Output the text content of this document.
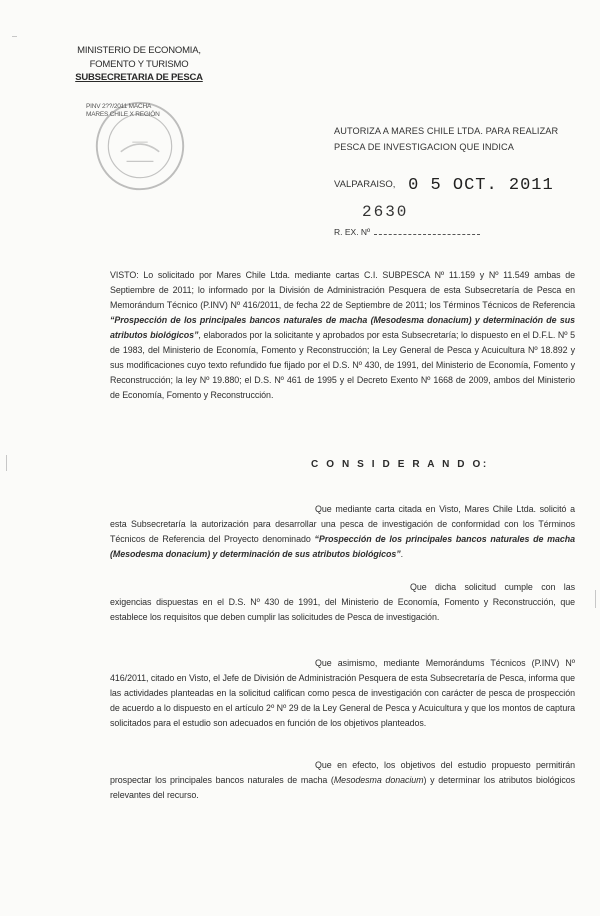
MINISTERIO DE ECONOMIA,
FOMENTO Y TURISMO
SUBSECRETARIA DE PESCA
PINV 2??/2011 MACHA
MARES CHILE X REGIÓN
AUTORIZA A MARES CHILE LTDA. PARA REALIZAR PESCA DE INVESTIGACION QUE INDICA
VALPARAISO, 0 5 OCT. 2011
2630
R. EX. Nº
VISTO: Lo solicitado por Mares Chile Ltda. mediante cartas C.I. SUBPESCA Nº 11.159 y Nº 11.549 ambas de Septiembre de 2011; lo informado por la División de Administración Pesquera de esta Subsecretaría de Pesca en Memorándum Técnico (P.INV) Nº 416/2011, de fecha 22 de Septiembre de 2011; los Términos Técnicos de Referencia “Prospección de los principales bancos naturales de macha (Mesodesma donacium) y determinación de sus atributos biológicos”, elaborados por la solicitante y aprobados por esta Subsecretaría; lo dispuesto en el D.F.L. Nº 5 de 1983, del Ministerio de Economía, Fomento y Reconstrucción; la Ley General de Pesca y Acuicultura Nº 18.892 y sus modificaciones cuyo texto refundido fue fijado por el D.S. Nº 430, de 1991, del Ministerio de Economía, Fomento y Reconstrucción; la ley Nº 19.880; el D.S. Nº 461 de 1995 y el Decreto Exento Nº 1668 de 2009, ambos del Ministerio de Economía, Fomento y Reconstrucción.
C O N S I D E R A N D O:
Que mediante carta citada en Visto, Mares Chile Ltda. solicitó a esta Subsecretaría la autorización para desarrollar una pesca de investigación de conformidad con los Términos Técnicos de Referencia del Proyecto denominado “Prospección de los principales bancos naturales de macha (Mesodesma donacium) y determinación de sus atributos biológicos”.
Que dicha solicitud cumple con las exigencias dispuestas en el D.S. Nº 430 de 1991, del Ministerio de Economía, Fomento y Reconstrucción, que establece los requisitos que deben cumplir las solicitudes de Pesca de investigación.
Que asimismo, mediante Memorándums Técnicos (P.INV) Nº 416/2011, citado en Visto, el Jefe de División de Administración Pesquera de esta Subsecretaría de Pesca, informa que las actividades planteadas en la solicitud califican como pesca de investigación con carácter de pesca de prospección de acuerdo a lo dispuesto en el artículo 2º Nº 29 de la Ley General de Pesca y Acuicultura y que los montos de captura solicitados para el estudio son adecuados en función de los objetivos planteados.
Que en efecto, los objetivos del estudio propuesto permitirán prospectar los principales bancos naturales de macha (Mesodesma donacium) y determinar los atributos biológicos relevantes del recurso.
